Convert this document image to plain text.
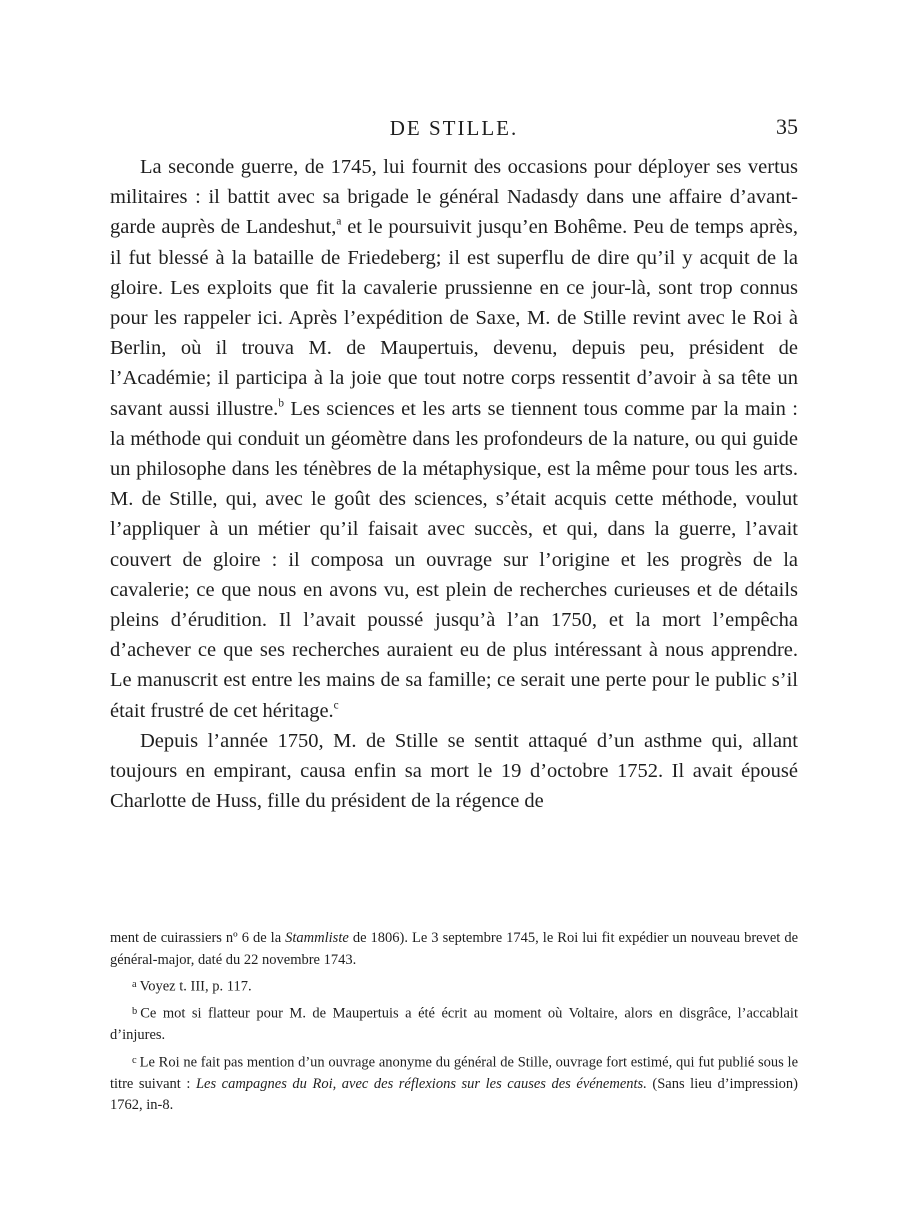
DE STILLE.	35

La seconde guerre, de 1745, lui fournit des occasions pour déployer ses vertus militaires : il battit avec sa brigade le général Nadasdy dans une affaire d’avant-garde auprès de Landeshut,$^a$ et le poursuivit jusqu’en Bohême. Peu de temps après, il fut blessé à la bataille de Friedeberg; il est superflu de dire qu’il y acquit de la gloire. Les exploits que fit la cavalerie prussienne en ce jour-là, sont trop connus pour les rappeler ici. Après l’expédition de Saxe, M. de Stille revint avec le Roi à Berlin, où il trouva M. de Maupertuis, devenu, depuis peu, président de l’Académie; il participa à la joie que tout notre corps ressentit d’avoir à sa tête un savant aussi illustre.$^b$ Les sciences et les arts se tiennent tous comme par la main : la méthode qui conduit un géomètre dans les profondeurs de la nature, ou qui guide un philosophe dans les ténèbres de la métaphysique, est la même pour tous les arts. M. de Stille, qui, avec le goût des sciences, s’était acquis cette méthode, voulut l’appliquer à un métier qu’il faisait avec succès, et qui, dans la guerre, l’avait couvert de gloire : il composa un ouvrage sur l’origine et les progrès de la cavalerie; ce que nous en avons vu, est plein de recherches curieuses et de détails pleins d’érudition. Il l’avait poussé jusqu’à l’an 1750, et la mort l’empêcha d’achever ce que ses recherches auraient eu de plus intéressant à nous apprendre. Le manuscrit est entre les mains de sa famille; ce serait une perte pour le public s’il était frustré de cet héritage.$^c$

Depuis l’année 1750, M. de Stille se sentit attaqué d’un asthme qui, allant toujours en empirant, causa enfin sa mort le 19 d’octobre 1752. Il avait épousé Charlotte de Huss, fille du président de la régence de

ment de cuirassiers nº 6 de la Stammliste de 1806). Le 3 septembre 1745, le Roi lui fit expédier un nouveau brevet de général-major, daté du 22 novembre 1743.

$^a$ Voyez t. III, p. 117.

$^b$ Ce mot si flatteur pour M. de Maupertuis a été écrit au moment où Voltaire, alors en disgrâce, l’accablait d’injures.

$^c$ Le Roi ne fait pas mention d’un ouvrage anonyme du général de Stille, ouvrage fort estimé, qui fut publié sous le titre suivant : Les campagnes du Roi, avec des réflexions sur les causes des événements. (Sans lieu d’impression) 1762, in-8.
